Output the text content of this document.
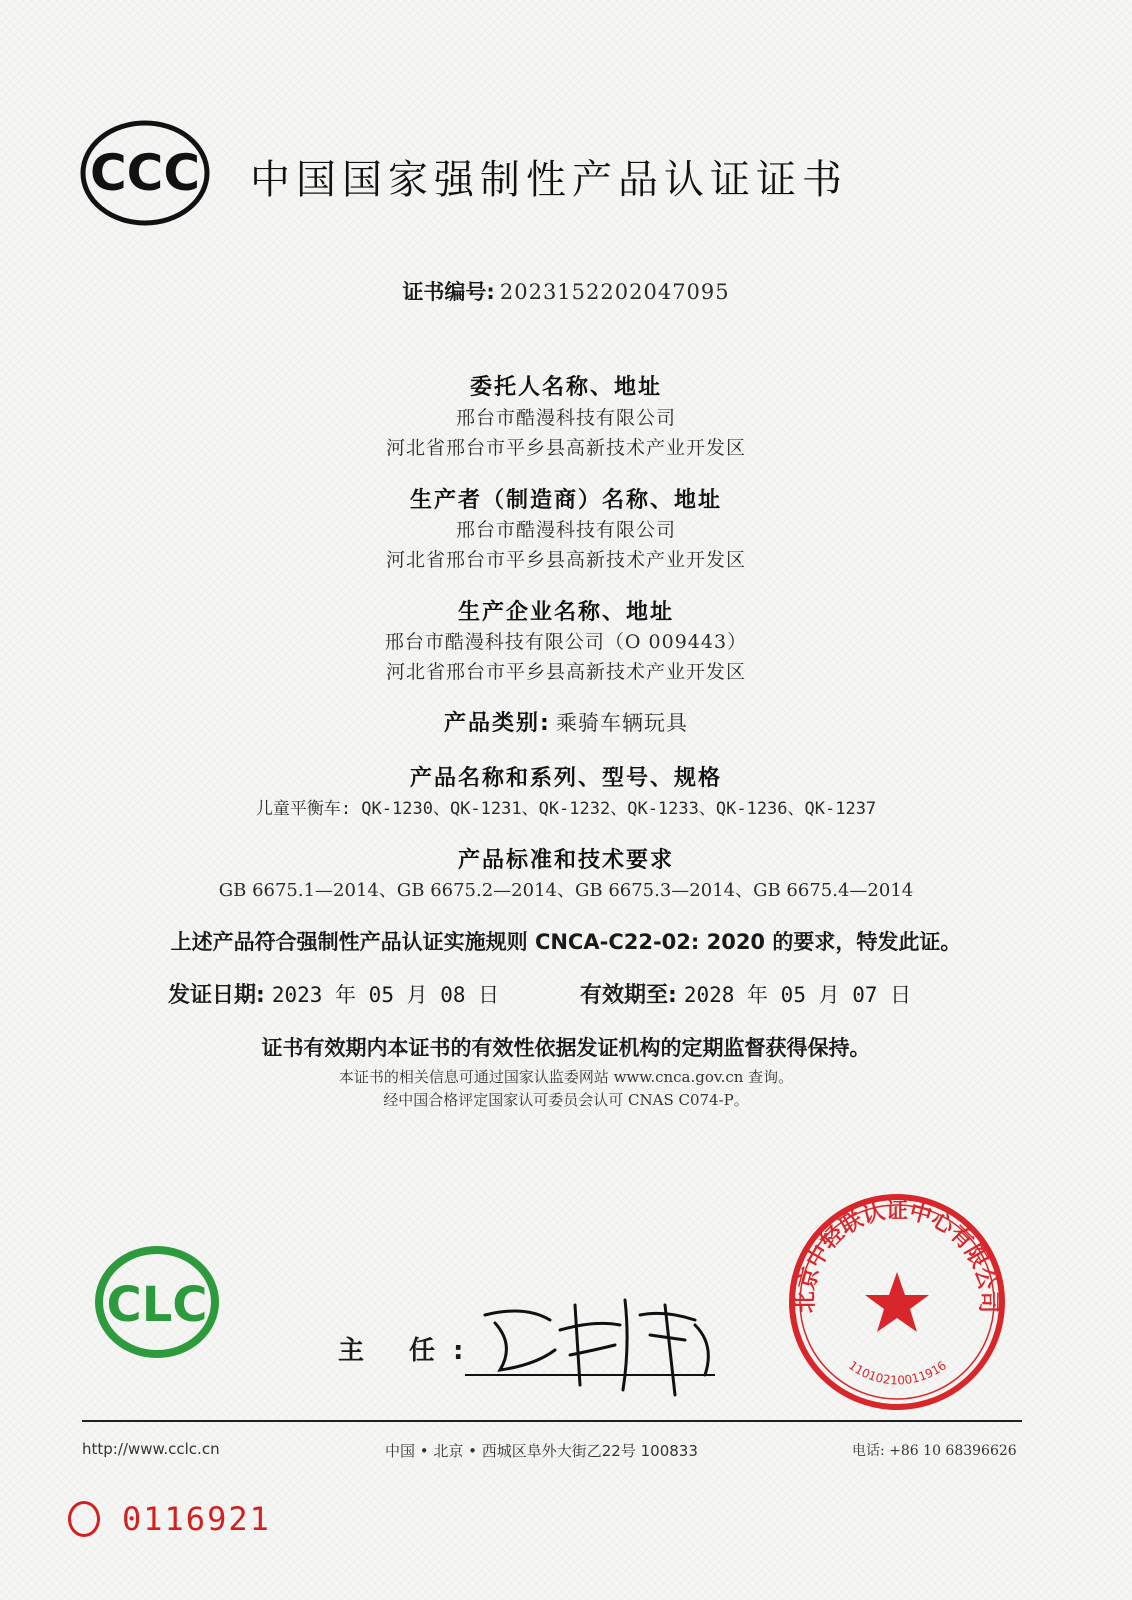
CCC 中国国家强制性产品认证证书
证书编号: 2023152202047095
委托人名称、地址
邢台市酷漫科技有限公司
河北省邢台市平乡县高新技术产业开发区
生产者（制造商）名称、地址
邢台市酷漫科技有限公司
河北省邢台市平乡县高新技术产业开发区
生产企业名称、地址
邢台市酷漫科技有限公司（O 009443）
河北省邢台市平乡县高新技术产业开发区
产品类别: 乘骑车辆玩具
产品名称和系列、型号、规格
儿童平衡车: QK-1230、QK-1231、QK-1232、QK-1233、QK-1236、QK-1237
产品标准和技术要求
GB 6675.1—2014、GB 6675.2—2014、GB 6675.3—2014、GB 6675.4—2014
上述产品符合强制性产品认证实施规则 CNCA-C22-02: 2020 的要求，特发此证。
发证日期: 2023 年 05 月 08 日	有效期至: 2028 年 05 月 07 日
证书有效期内本证书的有效性依据发证机构的定期监督获得保持。
本证书的相关信息可通过国家认监委网站 www.cnca.gov.cn 查询。
经中国合格评定国家认可委员会认可 CNAS C074-P。
CLC
主 任:
北京中轻联认证中心有限公司
11010210011916
http://www.cclc.cn	中国 • 北京 • 西城区阜外大街乙22号 100833	电话: +86 10 68396626
0116921
